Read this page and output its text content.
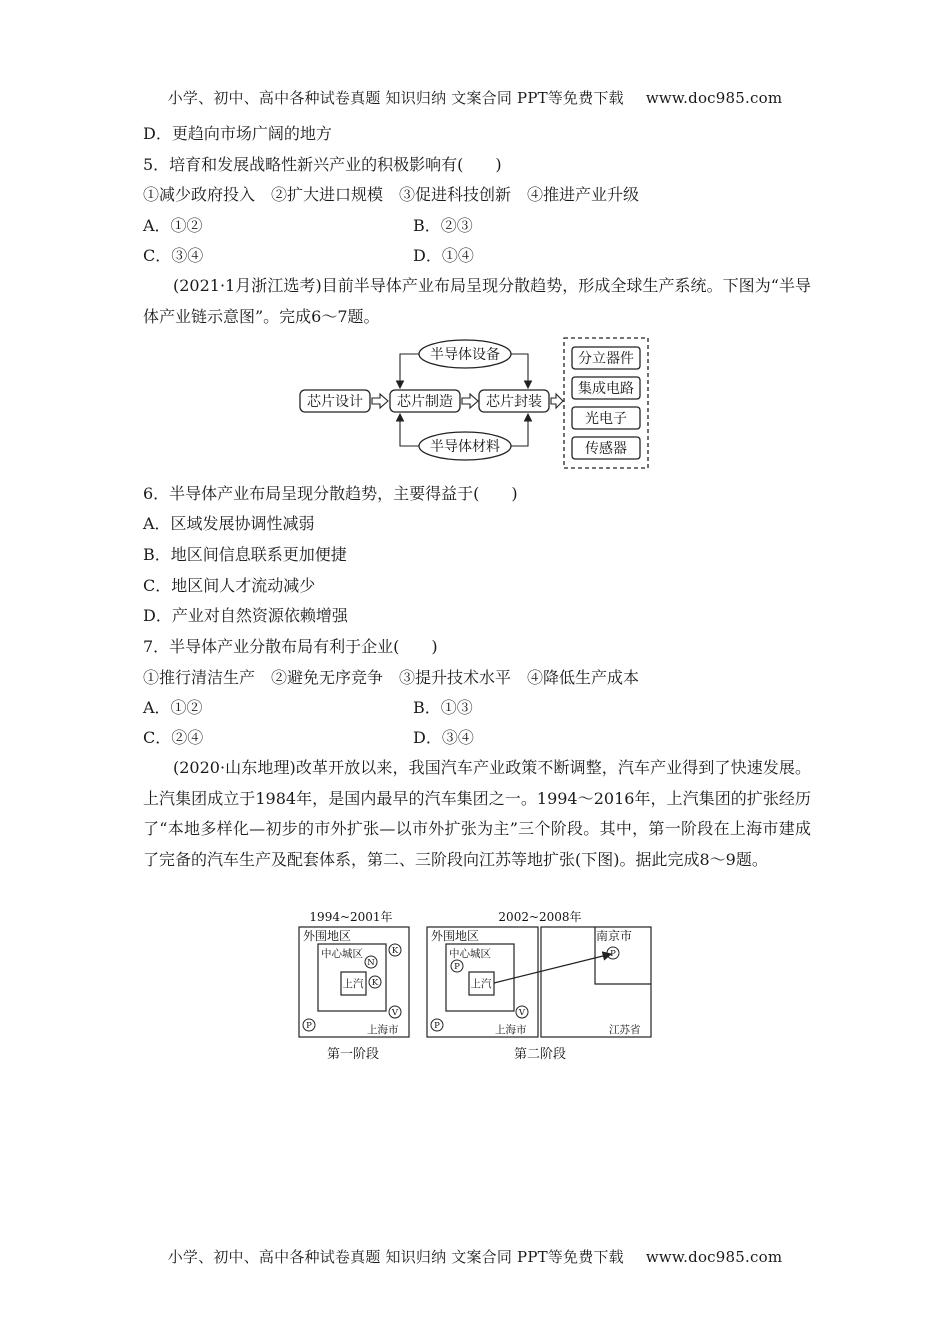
小学、初中、高中各种试卷真题 知识归纳 文案合同 PPT等免费下载 www.doc985.com
D．更趋向市场广阔的地方
5．培育和发展战略性新兴产业的积极影响有(　　)
①减少政府投入　②扩大进口规模　③促进科技创新　④推进产业升级
A．①②	B．②③
C．③④	D．①④
(2021·1月浙江选考)目前半导体产业布局呈现分散趋势，形成全球生产系统。下图为“半导体产业链示意图”。完成6～7题。
芯片设计 芯片制造 芯片封装
半导体设备
半导体材料
分立器件
集成电路
光电子
传感器
6．半导体产业布局呈现分散趋势，主要得益于(　　)
A．区域发展协调性减弱
B．地区间信息联系更加便捷
C．地区间人才流动减少
D．产业对自然资源依赖增强
7．半导体产业分散布局有利于企业(　　)
①推行清洁生产　②避免无序竞争　③提升技术水平　④降低生产成本
A．①②	B．①③
C．②④	D．③④
(2020·山东地理)改革开放以来，我国汽车产业政策不断调整，汽车产业得到了快速发展。上汽集团成立于1984年，是国内最早的汽车集团之一。1994～2016年，上汽集团的扩张经历了“本地多样化—初步的市外扩张—以市外扩张为主”三个阶段。其中，第一阶段在上海市建成了完备的汽车生产及配套体系，第二、三阶段向江苏等地扩张(下图)。据此完成8～9题。
K
N
K
V
P
P
V
P
P
1994~2001年	2002~2008年
外围地区	外围地区	南京市
中心城区	中心城区
上汽	上汽
上海市	上海市	江苏省
第一阶段	第二阶段
小学、初中、高中各种试卷真题 知识归纳 文案合同 PPT等免费下载 www.doc985.com
